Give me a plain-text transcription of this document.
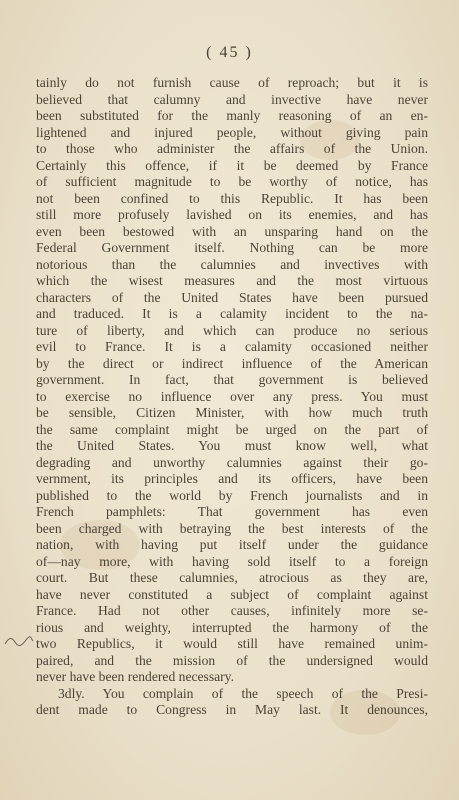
( 45 )
tainly do not furnish cause of reproach; but it is
believed that calumny and invective have never
been substituted for the manly reasoning of an en-
lightened and injured people, without giving pain
to those who administer the affairs of the Union.
Certainly this offence, if it be deemed by France
of sufficient magnitude to be worthy of notice, has
not been confined to this Republic. It has been
still more profusely lavished on its enemies, and has
even been bestowed with an unsparing hand on the
Federal Government itself. Nothing can be more
notorious than the calumnies and invectives with
which the wisest measures and the most virtuous
characters of the United States have been pursued
and traduced. It is a calamity incident to the na-
ture of liberty, and which can produce no serious
evil to France. It is a calamity occasioned neither
by the direct or indirect influence of the American
government. In fact, that government is believed
to exercise no influence over any press. You must
be sensible, Citizen Minister, with how much truth
the same complaint might be urged on the part of
the United States. You must know well, what
degrading and unworthy calumnies against their go-
vernment, its principles and its officers, have been
published to the world by French journalists and in
French pamphlets: That government has even
been charged with betraying the best interests of the
nation, with having put itself under the guidance
of—nay more, with having sold itself to a foreign
court. But these calumnies, atrocious as they are,
have never constituted a subject of complaint against
France. Had not other causes, infinitely more se-
rious and weighty, interrupted the harmony of the
two Republics, it would still have remained unim-
paired, and the mission of the undersigned would
never have been rendered necessary.
3dly. You complain of the speech of the Presi-
dent made to Congress in May last. It denounces,
